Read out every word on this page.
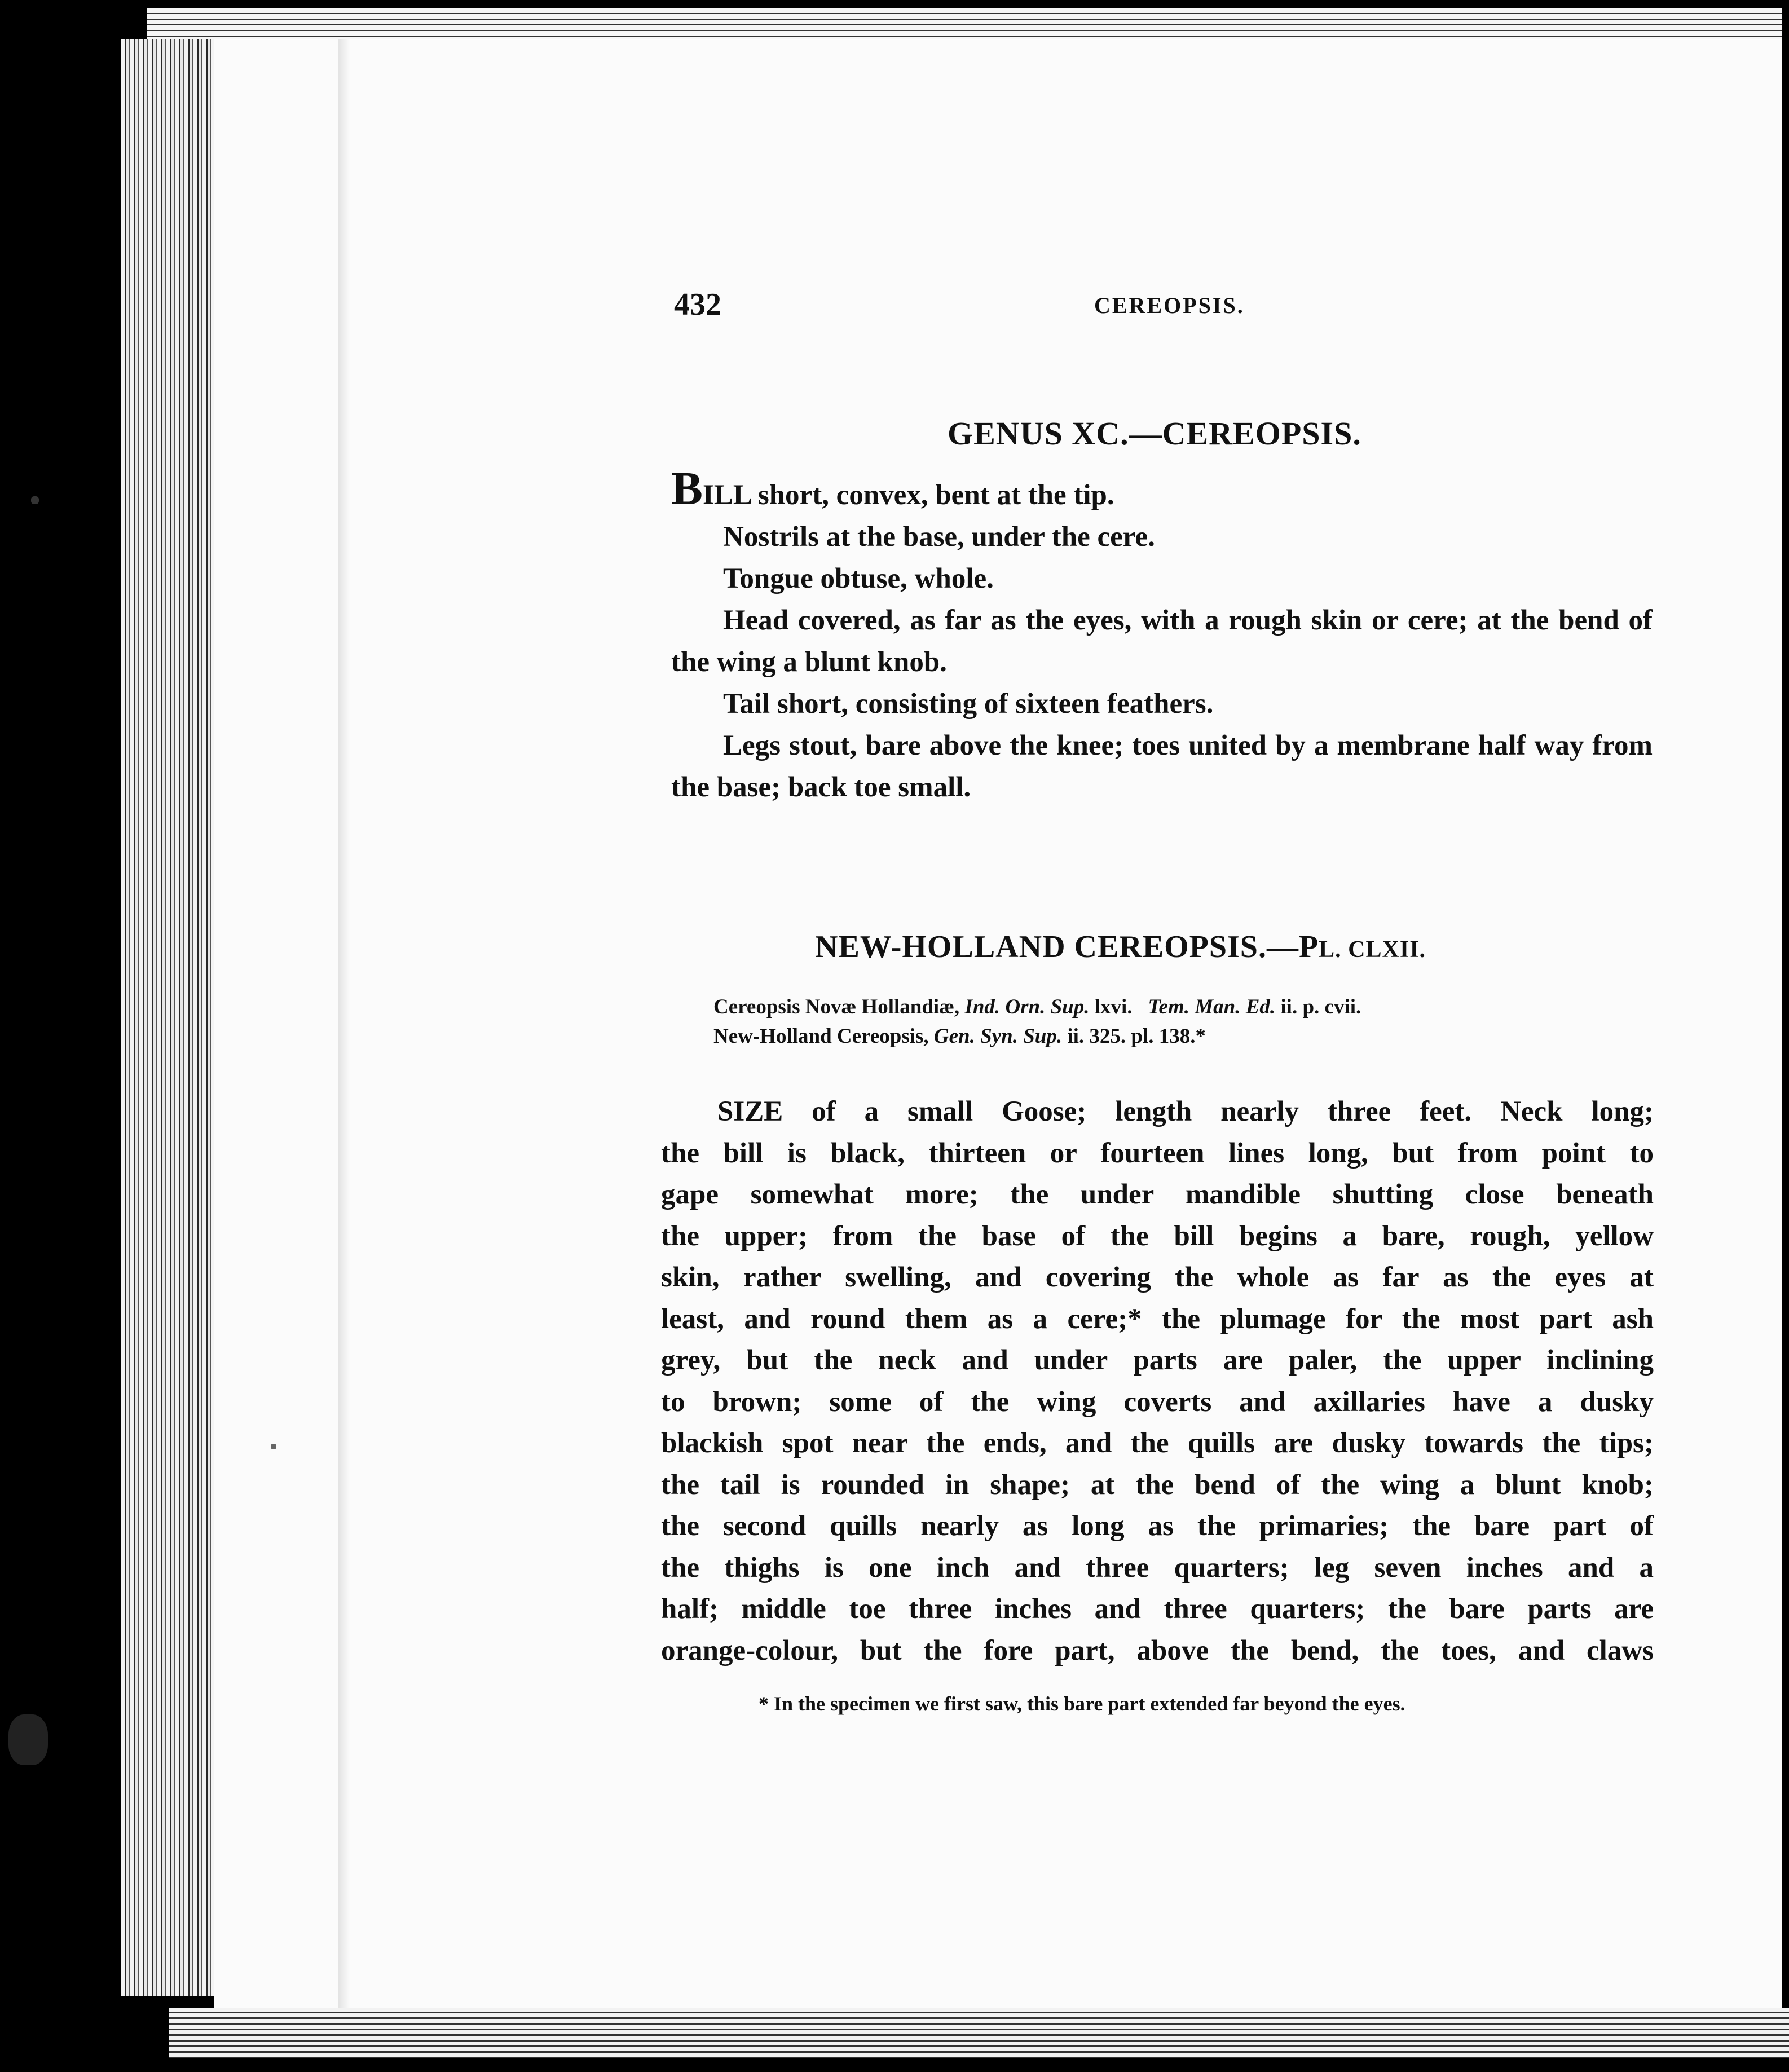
432	CEREOPSIS.
GENUS XC.—CEREOPSIS.

BILL short, convex, bent at the tip.

Nostrils at the base, under the cere.

Tongue obtuse, whole.

Head covered, as far as the eyes, with a rough skin or cere; at the bend of the wing a blunt knob.

Tail short, consisting of sixteen feathers.

Legs stout, bare above the knee; toes united by a membrane half way from the base; back toe small.

NEW-HOLLAND CEREOPSIS.—PL. CLXII.
Cereopsis Novæ Hollandiæ, Ind. Orn. Sup. lxvi. Tem. Man. Ed. ii. p. cvii.
New-Holland Cereopsis, Gen. Syn. Sup. ii. 325. pl. 138.*
SIZE of a small Goose; length nearly three feet. Neck long;
the bill is black, thirteen or fourteen lines long, but from point to
gape somewhat more; the under mandible shutting close beneath
the upper; from the base of the bill begins a bare, rough, yellow
skin, rather swelling, and covering the whole as far as the eyes at
least, and round them as a cere;* the plumage for the most part ash
grey, but the neck and under parts are paler, the upper inclining
to brown; some of the wing coverts and axillaries have a dusky
blackish spot near the ends, and the quills are dusky towards the tips;
the tail is rounded in shape; at the bend of the wing a blunt knob;
the second quills nearly as long as the primaries; the bare part of
the thighs is one inch and three quarters; leg seven inches and a
half; middle toe three inches and three quarters; the bare parts are
orange-colour, but the fore part, above the bend, the toes, and claws
* In the specimen we first saw, this bare part extended far beyond the eyes.
